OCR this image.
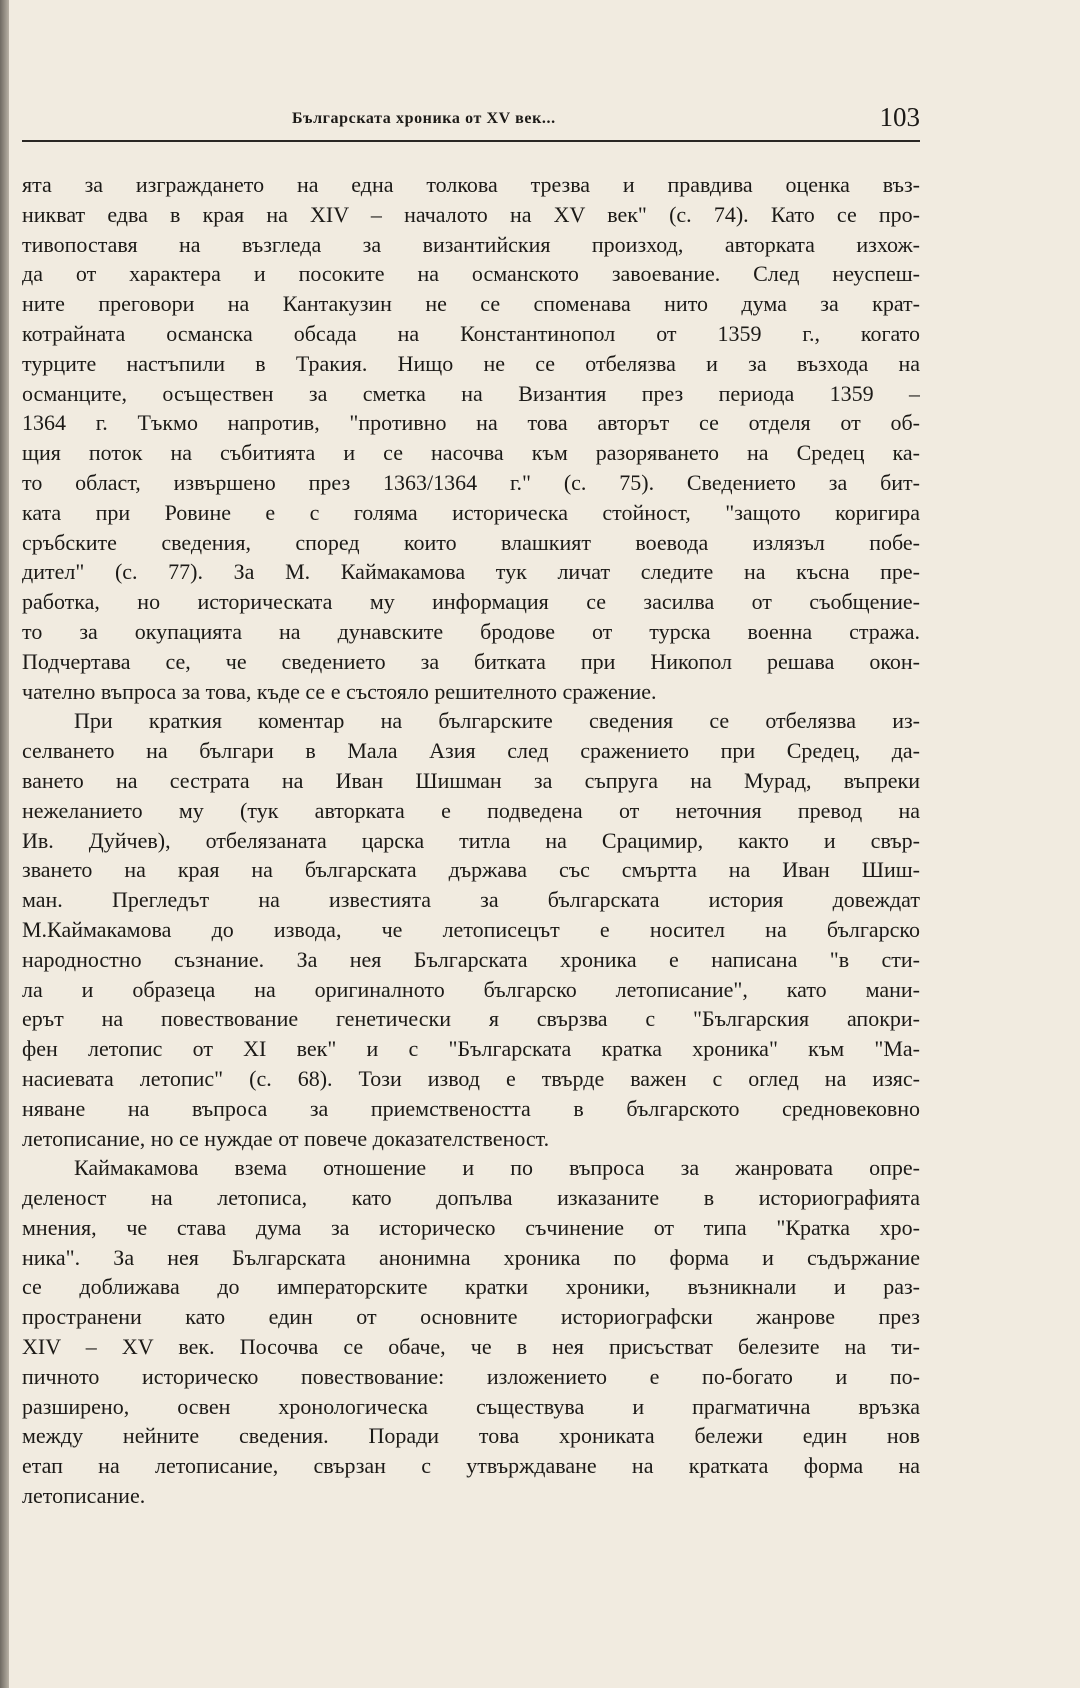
Българската хроника от XV век...	103
ята за изграждането на една толкова трезва и правдива оценка въз-
никват едва в края на XIV – началото на XV век" (с. 74). Като се про-
тивопоставя на възгледа за византийския произход, авторката изхож-
да от характера и посоките на османското завоевание. След неуспеш-
ните преговори на Кантакузин не се споменава нито дума за крат-
котрайната османска обсада на Константинопол от 1359 г., когато
турците настъпили в Тракия. Нищо не се отбелязва и за възхода на
османците, осъществен за сметка на Византия през периода 1359 –
1364 г. Тъкмо напротив, "противно на това авторът се отделя от об-
щия поток на събитията и се насочва към разоряването на Средец ка-
то област, извършено през 1363/1364 г." (с. 75). Сведението за бит-
ката при Ровине е с голяма историческа стойност, "защото коригира
сръбските сведения, според които влашкият воевода излязъл побе-
дител" (с. 77). За М. Каймакамова тук личат следите на късна пре-
работка, но историческата му информация се засилва от съобщение-
то за окупацията на дунавските бродове от турска военна стража.
Подчертава се, че сведението за битката при Никопол решава окон-
чателно въпроса за това, къде се е състояло решителното сражение.
При краткия коментар на българските сведения се отбелязва из-
селването на българи в Мала Азия след сражението при Средец, да-
ването на сестрата на Иван Шишман за съпруга на Мурад, въпреки
нежеланието му (тук авторката е подведена от неточния превод на
Ив. Дуйчев), отбелязаната царска титла на Срацимир, както и свър-
зването на края на българската държава със смъртта на Иван Шиш-
ман. Прегледът на известията за българската история довеждат
М.Каймакамова до извода, че летописецът е носител на българско
народностно съзнание. За нея Българската хроника е написана "в сти-
ла и образеца на оригиналното българско летописание", като мани-
ерът на повествование генетически я свързва с "Българския апокри-
фен летопис от XI век" и с "Българската кратка хроника" към "Ма-
насиевата летопис" (с. 68). Този извод е твърде важен с оглед на изяс-
няване на въпроса за приемствеността в българското средновековно
летописание, но се нуждае от повече доказателственост.
Каймакамова взема отношение и по въпроса за жанровата опре-
деленост на летописа, като допълва изказаните в историографията
мнения, че става дума за историческо съчинение от типа "Кратка хро-
ника". За нея Българската анонимна хроника по форма и съдържание
се доближава до императорските кратки хроники, възникнали и раз-
пространени като един от основните историографски жанрове през
XIV – XV век. Посочва се обаче, че в нея присъстват белезите на ти-
пичното историческо повествование: изложението е по-богато и по-
разширено, освен хронологическа съществува и прагматична връзка
между нейните сведения. Поради това хрониката бележи един нов
етап на летописание, свързан с утвърждаване на кратката форма на
летописание.
